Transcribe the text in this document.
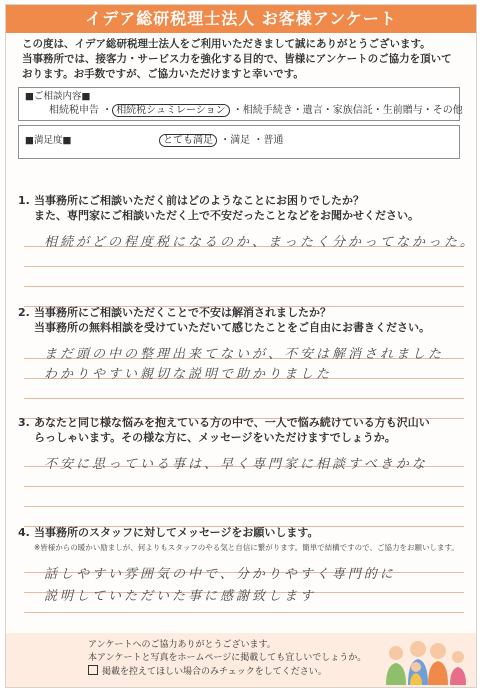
イデア総研税理士法人 お客様アンケート
この度は、イデア総研税理士法人をご利用いただきまして誠にありがとうございます。
当事務所では、接客力・サービス力を強化する目的で、皆様にアンケートのご協力を頂いて
おります。お手数ですが、ご協力いただけますと幸いです。
■ご相談内容■
相続税申告 ・ 相続税シュミレーション ・相続手続き・遺言・家族信託・生前贈与・その他
■満足度■	とても満足 ・満足 ・普通
1. 当事務所にご相談いただく前はどのようなことにお困りでしたか？
また、専門家にご相談いただく上で不安だったことなどをお聞かせください。
相続がどの程度税になるのか、まったく分かってなかった。
2. 当事務所にご相談いただくことで不安は解消されましたか？
当事務所の無料相談を受けていただいて感じたことをご自由にお書きください。
まだ頭の中の整理出来てないが、不安は解消されました
わかりやすい親切な説明で助かりました
3. あなたと同じ様な悩みを抱えている方の中で、一人で悩み続けている方も沢山い
らっしゃいます。その様な方に、メッセージをいただけますでしょうか。
不安に思っている事は、早く専門家に相談すべきかな
4. 当事務所のスタッフに対してメッセージをお願いします。
※皆様からの暖かい励ましが、何よりもスタッフのやる気と自信に繋がります。簡単で結構ですので、ご協力をお願いします。
話しやすい雰囲気の中で、分かりやすく専門的に
説明していただいた事に感謝致します
アンケートへのご協力ありがとうございます。
本アンケートと写真をホームページに掲載しても宜しいでしょうか。
掲載を控えてほしい場合のみチェックをしてください。
